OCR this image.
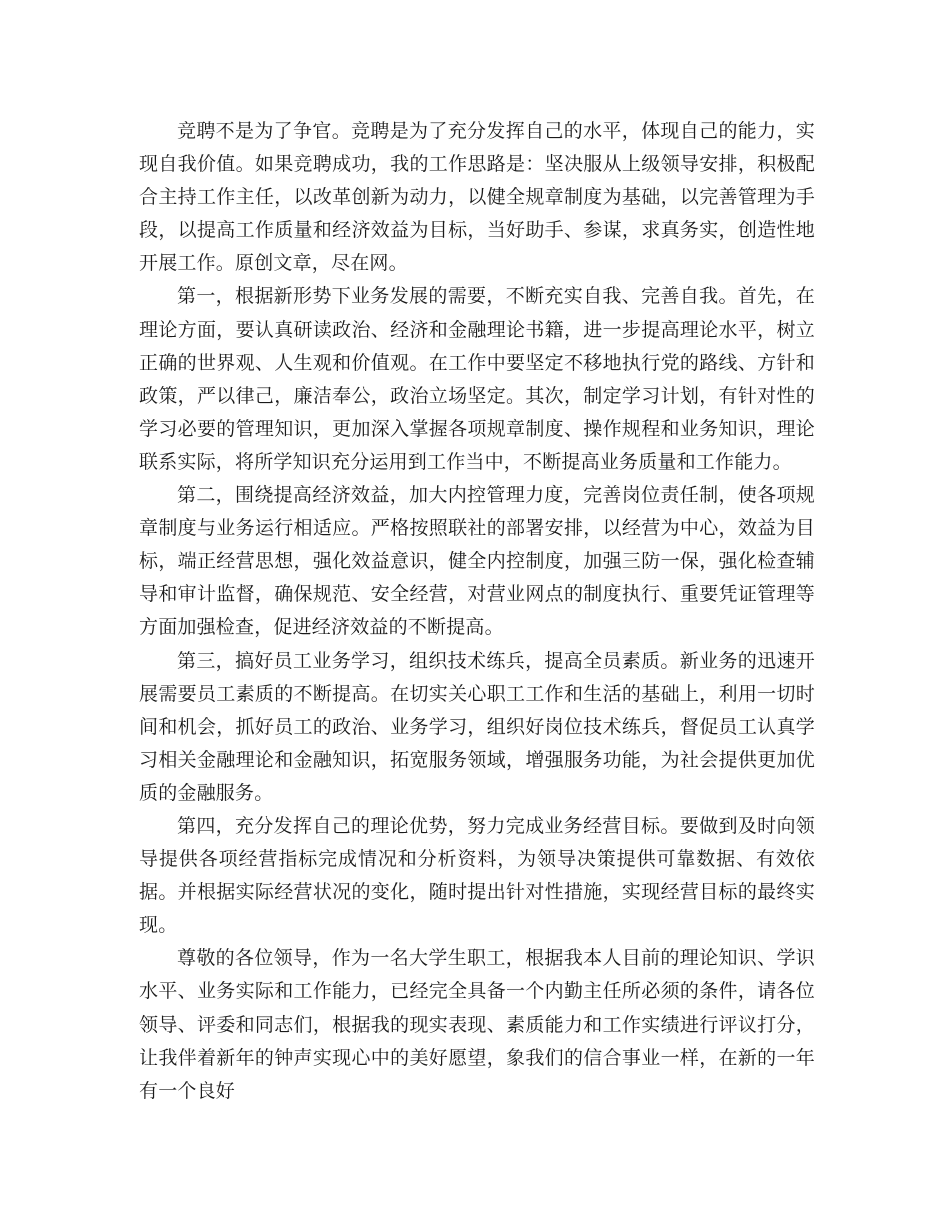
竞聘不是为了争官。竞聘是为了充分发挥自己的水平，体现自己的能力，实现自我价值。如果竞聘成功，我的工作思路是：坚决服从上级领导安排，积极配合主持工作主任，以改革创新为动力，以健全规章制度为基础，以完善管理为手段，以提高工作质量和经济效益为目标，当好助手、参谋，求真务实，创造性地开展工作。原创文章，尽在网。

第一，根据新形势下业务发展的需要，不断充实自我、完善自我。首先，在理论方面，要认真研读政治、经济和金融理论书籍，进一步提高理论水平，树立正确的世界观、人生观和价值观。在工作中要坚定不移地执行党的路线、方针和政策，严以律己，廉洁奉公，政治立场坚定。其次，制定学习计划，有针对性的学习必要的管理知识，更加深入掌握各项规章制度、操作规程和业务知识，理论联系实际，将所学知识充分运用到工作当中，不断提高业务质量和工作能力。

第二，围绕提高经济效益，加大内控管理力度，完善岗位责任制，使各项规章制度与业务运行相适应。严格按照联社的部署安排，以经营为中心，效益为目标，端正经营思想，强化效益意识，健全内控制度，加强三防一保，强化检查辅导和审计监督，确保规范、安全经营，对营业网点的制度执行、重要凭证管理等方面加强检查，促进经济效益的不断提高。

第三，搞好员工业务学习，组织技术练兵，提高全员素质。新业务的迅速开展需要员工素质的不断提高。在切实关心职工工作和生活的基础上，利用一切时间和机会，抓好员工的政治、业务学习，组织好岗位技术练兵，督促员工认真学习相关金融理论和金融知识，拓宽服务领域，增强服务功能，为社会提供更加优质的金融服务。

第四，充分发挥自己的理论优势，努力完成业务经营目标。要做到及时向领导提供各项经营指标完成情况和分析资料，为领导决策提供可靠数据、有效依据。并根据实际经营状况的变化，随时提出针对性措施，实现经营目标的最终实现。

尊敬的各位领导，作为一名大学生职工，根据我本人目前的理论知识、学识水平、业务实际和工作能力，已经完全具备一个内勤主任所必须的条件，请各位领导、评委和同志们，根据我的现实表现、素质能力和工作实绩进行评议打分，让我伴着新年的钟声实现心中的美好愿望，象我们的信合事业一样，在新的一年有一个良好
